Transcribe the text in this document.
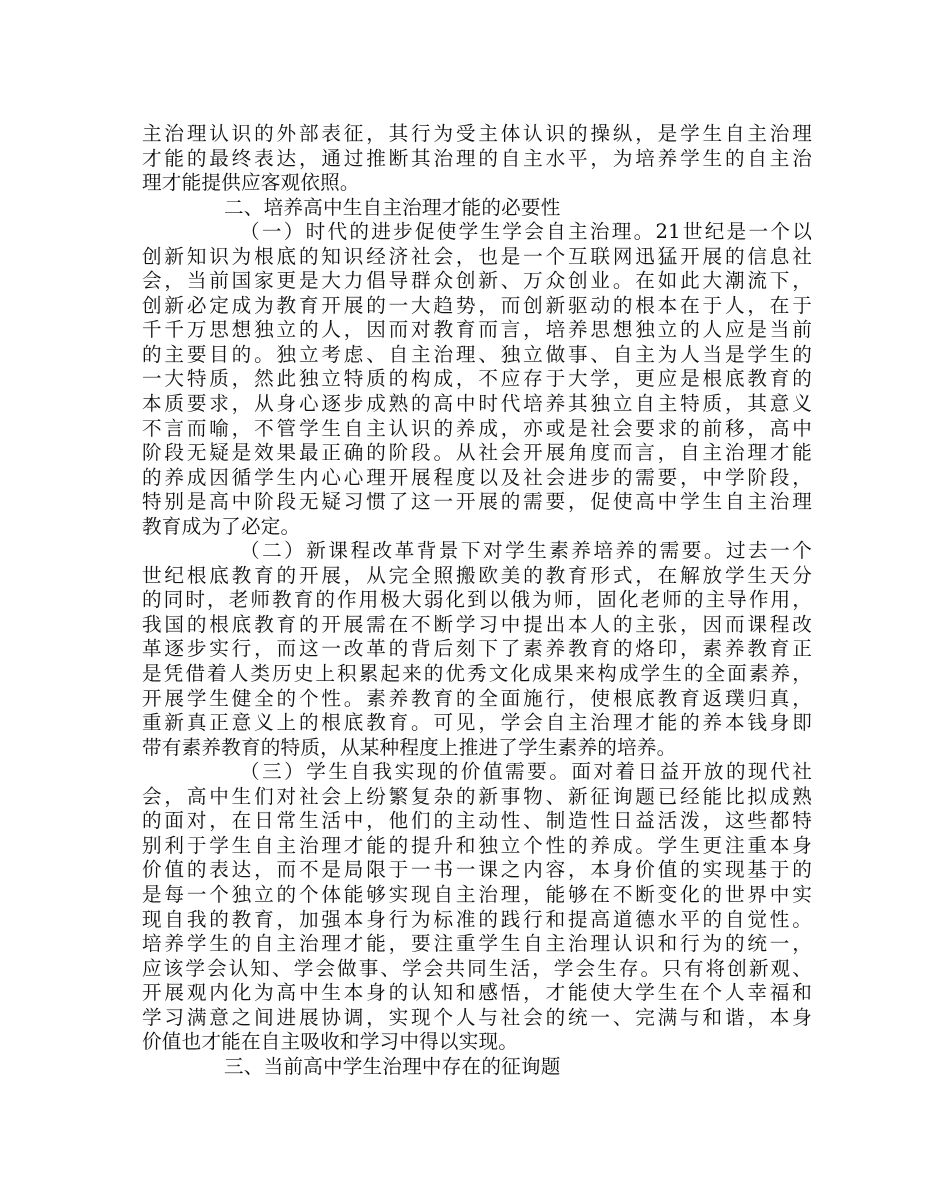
主治理认识的外部表征，其行为受主体认识的操纵，是学生自主治理
才能的最终表达，通过推断其治理的自主水平，为培养学生的自主治
理才能提供应客观依照。
二、培养高中生自主治理才能的必要性
（一）时代的进步促使学生学会自主治理。21世纪是一个以
创新知识为根底的知识经济社会，也是一个互联网迅猛开展的信息社
会，当前国家更是大力倡导群众创新、万众创业。在如此大潮流下，
创新必定成为教育开展的一大趋势，而创新驱动的根本在于人，在于
千千万思想独立的人，因而对教育而言，培养思想独立的人应是当前
的主要目的。独立考虑、自主治理、独立做事、自主为人当是学生的
一大特质，然此独立特质的构成，不应存于大学，更应是根底教育的
本质要求，从身心逐步成熟的高中时代培养其独立自主特质，其意义
不言而喻，不管学生自主认识的养成，亦或是社会要求的前移，高中
阶段无疑是效果最正确的阶段。从社会开展角度而言，自主治理才能
的养成因循学生内心心理开展程度以及社会进步的需要，中学阶段，
特别是高中阶段无疑习惯了这一开展的需要，促使高中学生自主治理
教育成为了必定。
（二）新课程改革背景下对学生素养培养的需要。过去一个
世纪根底教育的开展，从完全照搬欧美的教育形式，在解放学生天分
的同时，老师教育的作用极大弱化到以俄为师，固化老师的主导作用，
我国的根底教育的开展需在不断学习中提出本人的主张，因而课程改
革逐步实行，而这一改革的背后刻下了素养教育的烙印，素养教育正
是凭借着人类历史上积累起来的优秀文化成果来构成学生的全面素养，
开展学生健全的个性。素养教育的全面施行，使根底教育返璞归真，
重新真正意义上的根底教育。可见，学会自主治理才能的养本钱身即
带有素养教育的特质，从某种程度上推进了学生素养的培养。
（三）学生自我实现的价值需要。面对着日益开放的现代社
会，高中生们对社会上纷繁复杂的新事物、新征询题已经能比拟成熟
的面对，在日常生活中，他们的主动性、制造性日益活泼，这些都特
别利于学生自主治理才能的提升和独立个性的养成。学生更注重本身
价值的表达，而不是局限于一书一课之内容，本身价值的实现基于的
是每一个独立的个体能够实现自主治理，能够在不断变化的世界中实
现自我的教育，加强本身行为标准的践行和提高道德水平的自觉性。
培养学生的自主治理才能，要注重学生自主治理认识和行为的统一，
应该学会认知、学会做事、学会共同生活，学会生存。只有将创新观、
开展观内化为高中生本身的认知和感悟，才能使大学生在个人幸福和
学习满意之间进展协调，实现个人与社会的统一、完满与和谐，本身
价值也才能在自主吸收和学习中得以实现。
三、当前高中学生治理中存在的征询题
